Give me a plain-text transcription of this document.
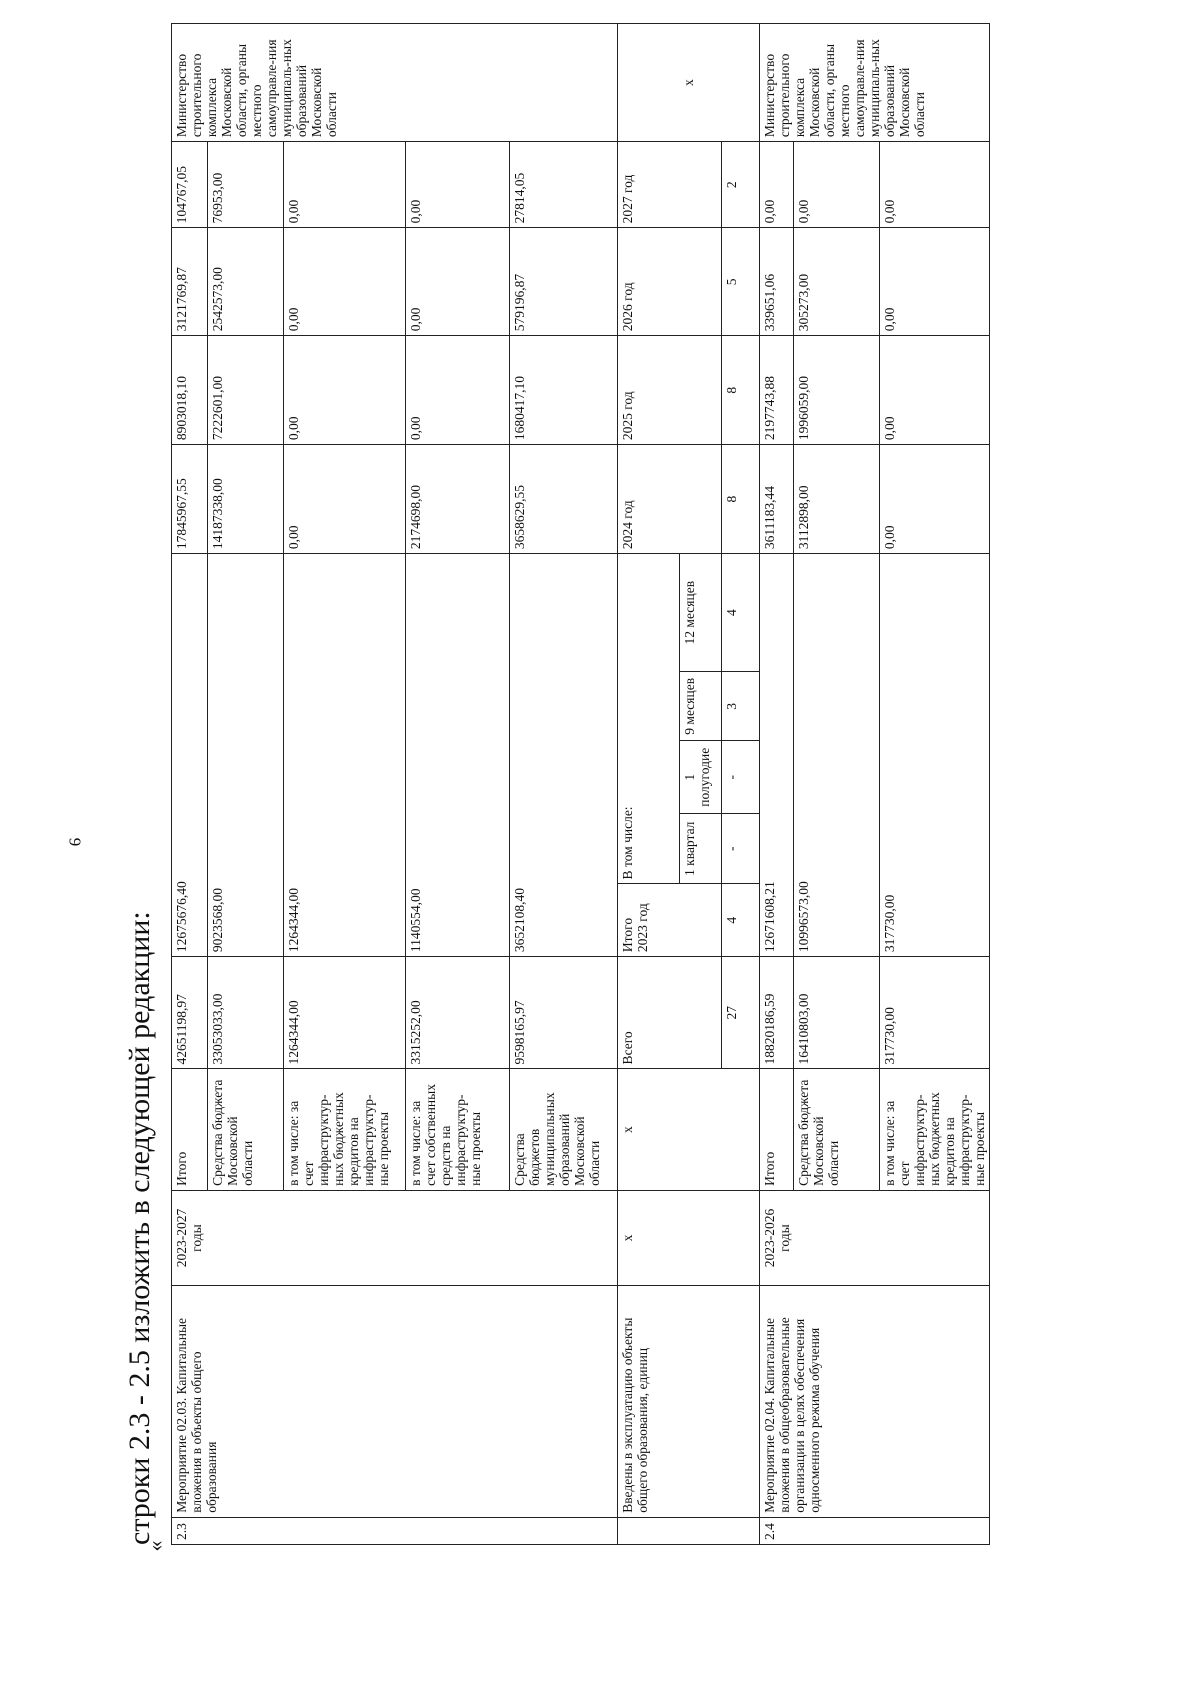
9
строки 2.3 - 2.5 изложить в следующей редакции:
«
2.3	Мероприятие 02.03. Капитальные вложения в объекты общего образования	2023-2027 годы	Итого	42651198,97	12675676,40					17845967,55	8903018,10	3121769,87	104767,05	Министерство строительного комплекса Московской области, органы местного самоуправле-ния муниципаль-ных образований Московской области
			Средства бюджета Московской области	33053033,00	9023568,00					14187338,00	7222601,00	2542573,00	76953,00	
			в том числе: за счет инфраструктур-ных бюджетных кредитов на инфраструктур-ные проекты	1264344,00	1264344,00					0,00	0,00	0,00	0,00	
			в том числе: за счет собственных средств на инфраструктур-ные проекты	3315252,00	1140554,00					2174698,00	0,00	0,00	0,00	
			Средства бюджетов муниципальных образований Московской области	9598165,97	3652108,40					3658629,55	1680417,10	579196,87	27814,05	
	Введены в эксплуатацию объекты общего образования, единиц	х	х	Всего	Итого 2023 год	В том числе:				2024 год	2025 год	2026 год	2027 год	х
						1 квартал	1 полугодие	9 месяцев	12 месяцев					
				27	4	-	-	3	4	8	8	5	2	
2.4	Мероприятие 02.04. Капитальные вложения в общеобразовательные организации в целях обеспечения односменного режима обучения	2023-2026 годы	Итого	18820186,59	12671608,21					3611183,44	2197743,88	339651,06	0,00	Министерство строительного комплекса Московской области, органы местного самоуправле-ния муниципаль-ных образований Московской области
			Средства бюджета Московской области	16410803,00	10996573,00					3112898,00	1996059,00	305273,00	0,00	
			в том числе: за счет инфраструктур-ных бюджетных кредитов на инфраструктур-ные проекты	317730,00	317730,00					0,00	0,00	0,00	0,00	
